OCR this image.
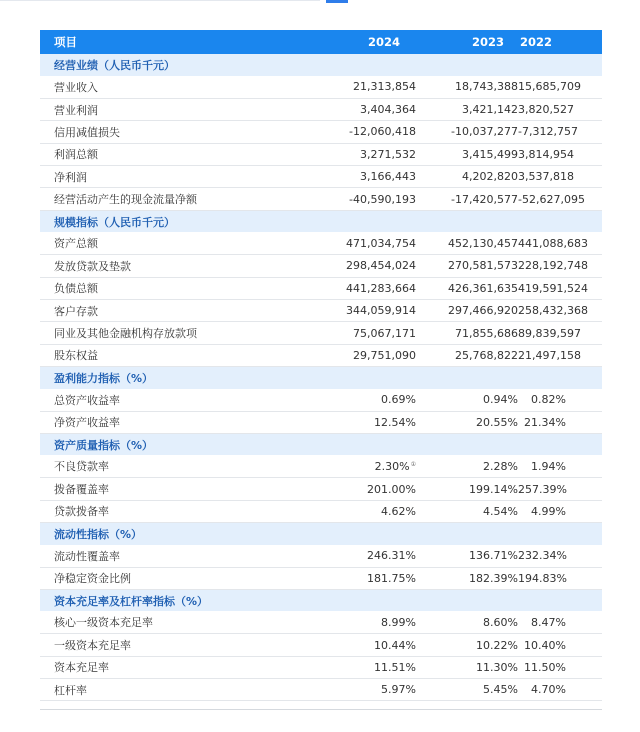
项目	2024	2023	2022
经营业绩（人民币千元）			
营业收入	21,313,854	18,743,388	15,685,709
营业利润	3,404,364	3,421,142	3,820,527
信用减值损失	-12,060,418	-10,037,277	-7,312,757
利润总额	3,271,532	3,415,499	3,814,954
净利润	3,166,443	4,202,820	3,537,818
经营活动产生的现金流量净额	-40,590,193	-17,420,577	-52,627,095
规模指标（人民币千元）			
资产总额	471,034,754	452,130,457	441,088,683
发放贷款及垫款	298,454,024	270,581,573	228,192,748
负债总额	441,283,664	426,361,635	419,591,524
客户存款	344,059,914	297,466,920	258,432,368
同业及其他金融机构存放款项	75,067,171	71,855,686	89,839,597
股东权益	29,751,090	25,768,822	21,497,158
盈利能力指标（%）			
总资产收益率	0.69%	0.94%	0.82%
净资产收益率	12.54%	20.55%	21.34%
资产质量指标（%）			
不良贷款率	2.30%①	2.28%	1.94%
拨备覆盖率	201.00%	199.14%	257.39%
贷款拨备率	4.62%	4.54%	4.99%
流动性指标（%）			
流动性覆盖率	246.31%	136.71%	232.34%
净稳定资金比例	181.75%	182.39%	194.83%
资本充足率及杠杆率指标（%）			
核心一级资本充足率	8.99%	8.60%	8.47%
一级资本充足率	10.44%	10.22%	10.40%
资本充足率	11.51%	11.30%	11.50%
杠杆率	5.97%	5.45%	4.70%
